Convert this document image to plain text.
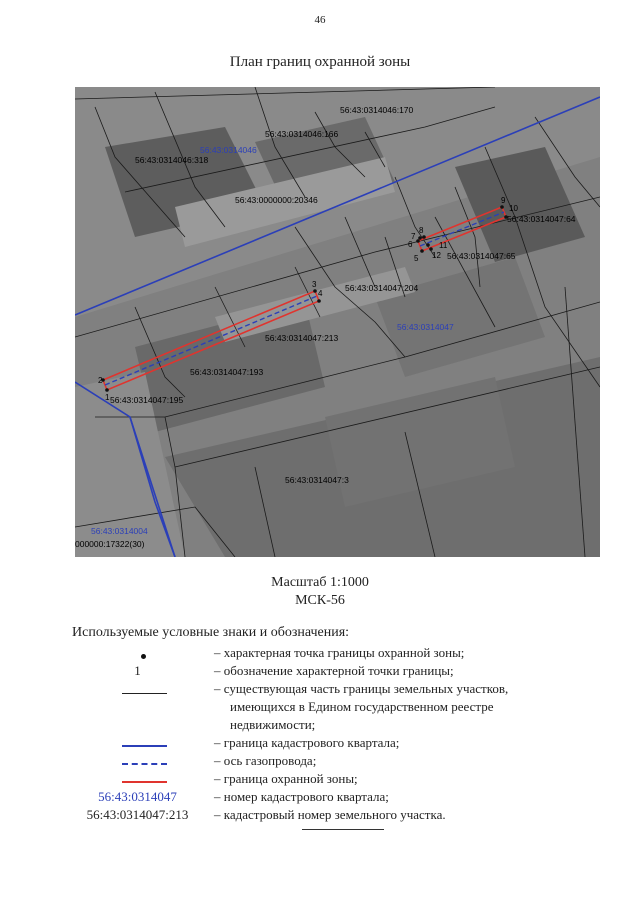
46
План границ охранной зоны
56:43:0314046:170
56:43:0314046:166
56:43:0314046:318
56:43:0000000:20346
56:43:0314047:64
56:43:0314047:65
56:43:0314047:204
56:43:0314047:213
56:43:0314047:193
56:43:0314047:195
56:43:0314047:3
000000:17322(30)
56:43:0314046
56:43:0314047
56:43:0314004
1
2
3
4
5
6
7
8
9
10
11
12
Масштаб 1:1000
МСК-56
Используемые условные знаки и обозначения:
– характерная точка границы охранной зоны;
1	– обозначение характерной точки границы;
– существующая часть границы земельных участков,
имеющихся в Едином государственном реестре
недвижимости;
– граница кадастрового квартала;
– ось газопровода;
– граница охранной зоны;
56:43:0314047	– номер кадастрового квартала;
56:43:0314047:213	– кадастровый номер земельного участка.
